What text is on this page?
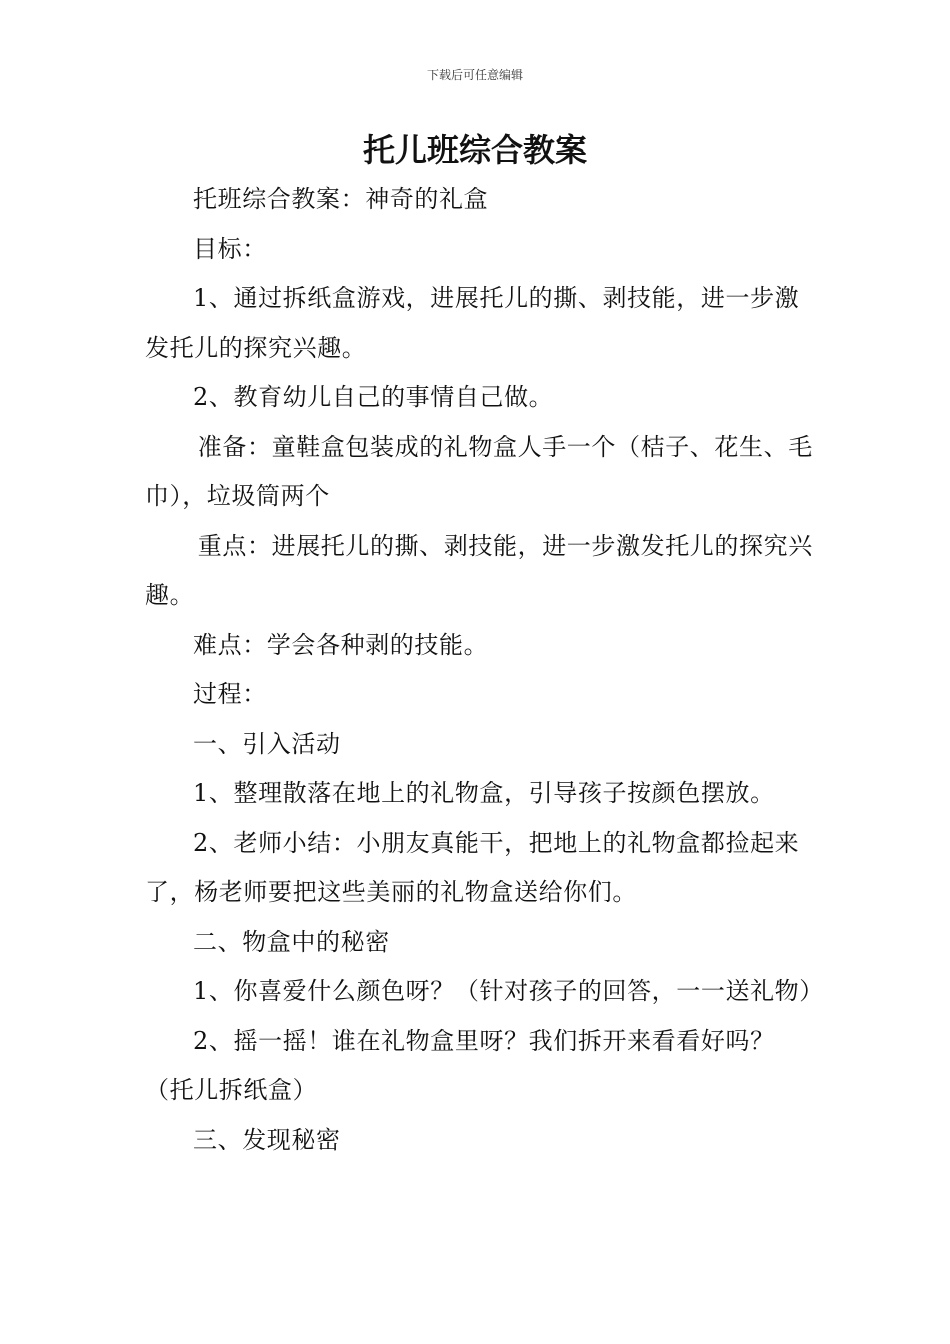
下载后可任意编辑
托儿班综合教案

托班综合教案：神奇的礼盒

目标：

1、通过拆纸盒游戏，进展托儿的撕、剥技能，进一步激发托儿的探究兴趣。

2、教育幼儿自己的事情自己做。

准备：童鞋盒包装成的礼物盒人手一个（桔子、花生、毛巾），垃圾筒两个

重点：进展托儿的撕、剥技能，进一步激发托儿的探究兴趣。

难点：学会各种剥的技能。

过程：

一、引入活动

1、整理散落在地上的礼物盒，引导孩子按颜色摆放。

2、老师小结：小朋友真能干，把地上的礼物盒都捡起来了，杨老师要把这些美丽的礼物盒送给你们。

二、物盒中的秘密

1、你喜爱什么颜色呀？（针对孩子的回答，一一送礼物）

2、摇一摇！谁在礼物盒里呀？我们拆开来看看好吗？（托儿拆纸盒）

三、发现秘密
